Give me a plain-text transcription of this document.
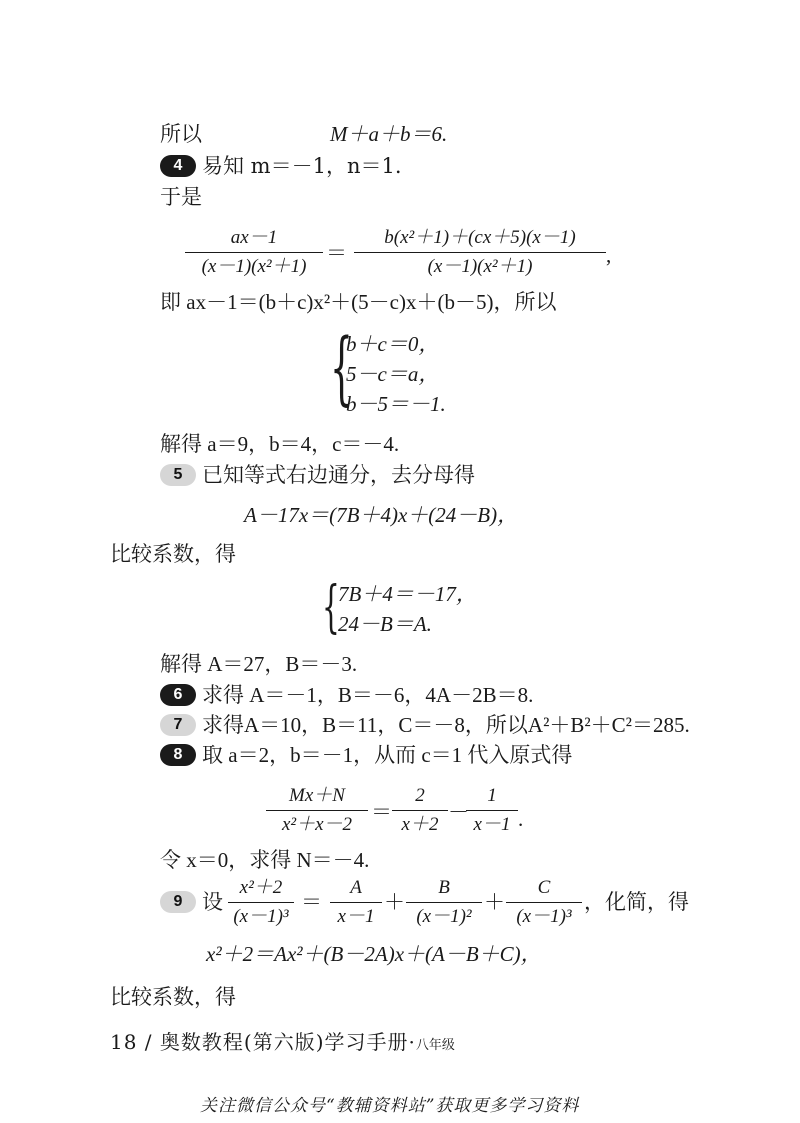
所以	M＋a＋b＝6.
4 易知 m＝－1，n＝1.
于是
ax－1
(x－1)(x²＋1)
＝
b(x²＋1)＋(cx＋5)(x－1)
(x－1)(x²＋1)	,
即 ax－1＝(b＋c)x²＋(5－c)x＋(b－5)，所以
{
b＋c＝0，
5－c＝a，
b－5＝－1.
解得 a＝9，b＝4，c＝－4.
5 已知等式右边通分，去分母得
A－17x＝(7B＋4)x＋(24－B)，
比较系数，得
{
7B＋4＝－17，
24－B＝A.
解得 A＝27，B＝－3.
6 求得 A＝－1，B＝－6，4A－2B＝8.
7 求得A＝10，B＝11，C＝－8，所以A²＋B²＋C²＝285.
8 取 a＝2，b＝－1，从而 c＝1 代入原式得
Mx＋N
x²＋x－2
＝
2
x＋2
－
1
x－1 .
令 x＝0，求得 N＝－4.
9 设
x²＋2
(x－1)³
＝
A
x－1
＋
B
(x－1)²
＋
C
(x－1)³
，化简，得
x²＋2＝Ax²＋(B－2A)x＋(A－B＋C)，
比较系数，得
18 / 奥数教程(第六版)学习手册·八年级
关注微信公众号“教辅资料站”获取更多学习资料
